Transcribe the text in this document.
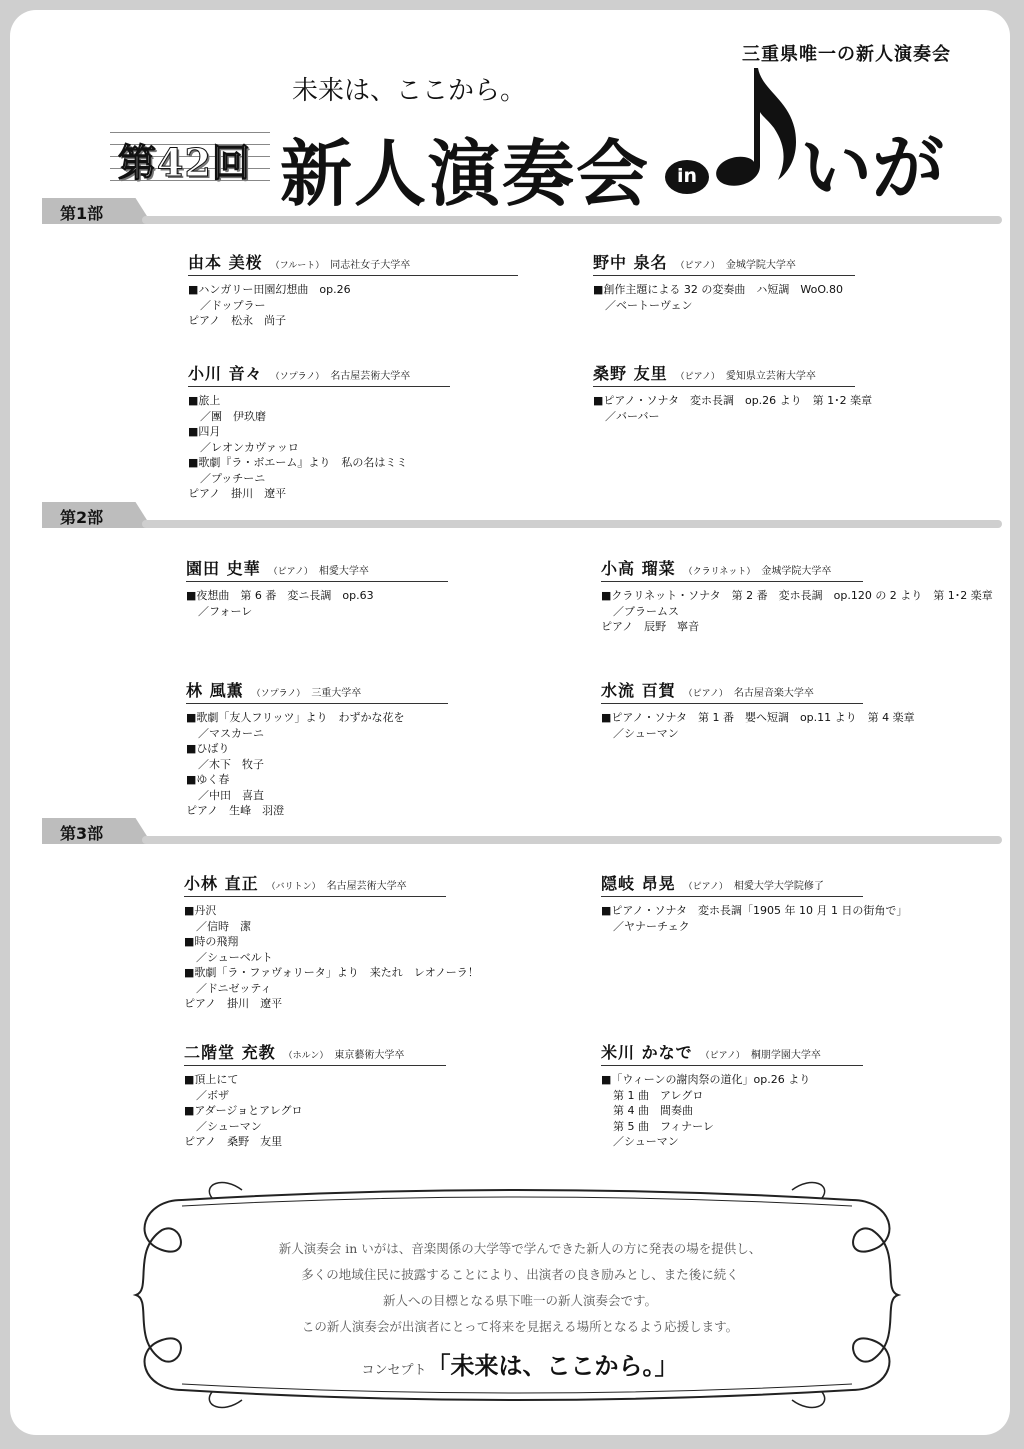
三重県唯一の新人演奏会
未来は、ここから。
第42回 新人演奏会	in いが
第1部
由本 美桜 （フルート） 同志社女子大学卒
■ハンガリー田園幻想曲　op.26
／ドップラー
ピアノ　松永　尚子
野中 泉名 （ピアノ） 金城学院大学卒
■創作主題による 32 の変奏曲　ハ短調　WoO.80
／ベートーヴェン
小川 音々 （ソプラノ） 名古屋芸術大学卒
■旅上
／團　伊玖磨
■四月
／レオンカヴァッロ
■歌劇『ラ・ボエーム』より　私の名はミミ
／プッチーニ
ピアノ　掛川　遼平
桑野 友里 （ピアノ） 愛知県立芸術大学卒
■ピアノ・ソナタ　変ホ長調　op.26 より　第 1･2 楽章
／バーバー
第2部
園田 史華 （ピアノ） 相愛大学卒
■夜想曲　第 6 番　変ニ長調　op.63
／フォーレ
小高 瑠菜 （クラリネット） 金城学院大学卒
■クラリネット・ソナタ　第 2 番　変ホ長調　op.120 の 2 より　第 1･2 楽章
／ブラームス
ピアノ　辰野　寧音
林 風薫 （ソプラノ） 三重大学卒
■歌劇「友人フリッツ」より　わずかな花を
／マスカーニ
■ひばり
／木下　牧子
■ゆく春
／中田　喜直
ピアノ　生峰　羽澄
水流 百賀 （ピアノ） 名古屋音楽大学卒
■ピアノ・ソナタ　第 1 番　嬰ヘ短調　op.11 より　第 4 楽章
／シューマン
第3部
小林 直正 （バリトン） 名古屋芸術大学卒
■丹沢
／信時　潔
■時の飛翔
／シューベルト
■歌劇「ラ・ファヴォリータ」より　来たれ　レオノーラ！
／ドニゼッティ
ピアノ　掛川　遼平
隠岐 昂晃 （ピアノ） 相愛大学大学院修了
■ピアノ・ソナタ　変ホ長調「1905 年 10 月 1 日の街角で」
／ヤナーチェク
二階堂 充教 （ホルン） 東京藝術大学卒
■頂上にて
／ボザ
■アダージョとアレグロ
／シューマン
ピアノ　桑野　友里
米川 かなで （ピアノ） 桐朋学園大学卒
■「ウィーンの謝肉祭の道化」op.26 より
第 1 曲　アレグロ
第 4 曲　間奏曲
第 5 曲　フィナーレ
／シューマン
新人演奏会 in いがは、音楽関係の大学等で学んできた新人の方に発表の場を提供し、
多くの地域住民に披露することにより、出演者の良き励みとし、また後に続く
新人への目標となる県下唯一の新人演奏会です。
この新人演奏会が出演者にとって将来を見据える場所となるよう応援します。
コンセプト「未来は、ここから。」
